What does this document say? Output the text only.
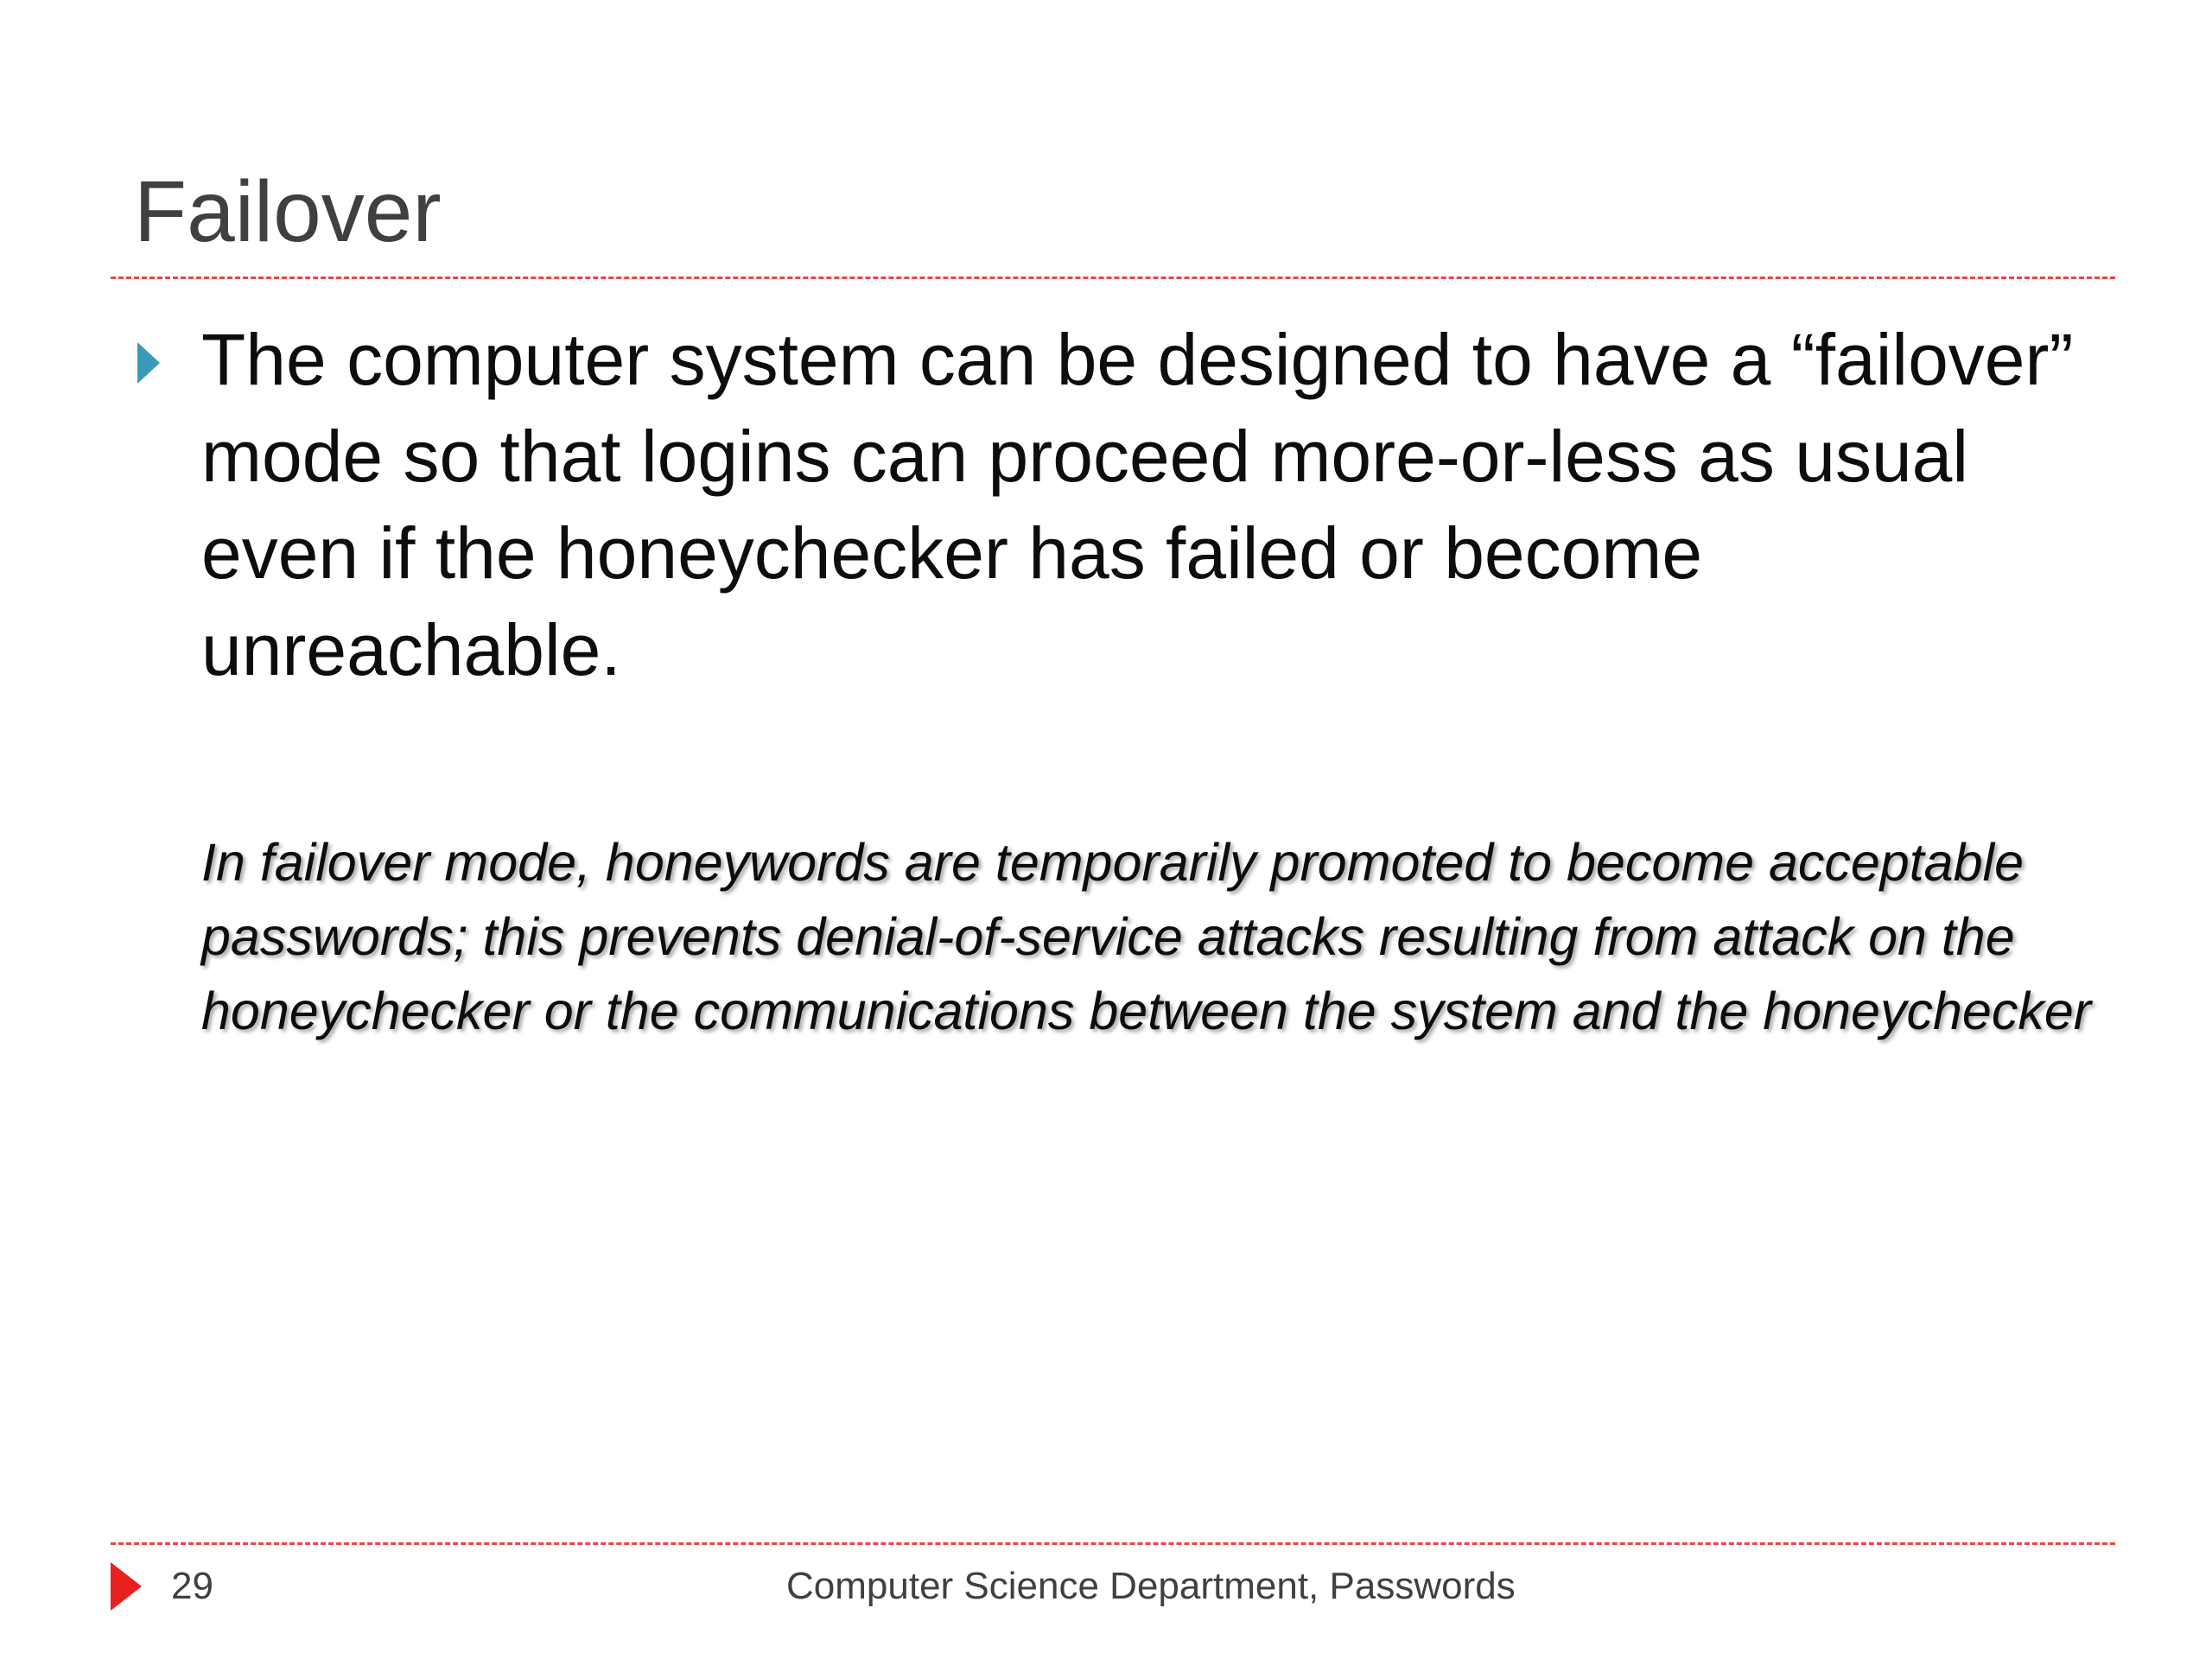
Failover
The computer system can be designed to have a “failover” mode so that logins can proceed more-or-less as usual even if the honeychecker has failed or become unreachable.
In failover mode, honeywords are temporarily promoted to become acceptable passwords; this prevents denial-of-service attacks resulting from attack on the honeychecker or the communications between the system and the honeychecker
29	Computer Science Department, Passwords
